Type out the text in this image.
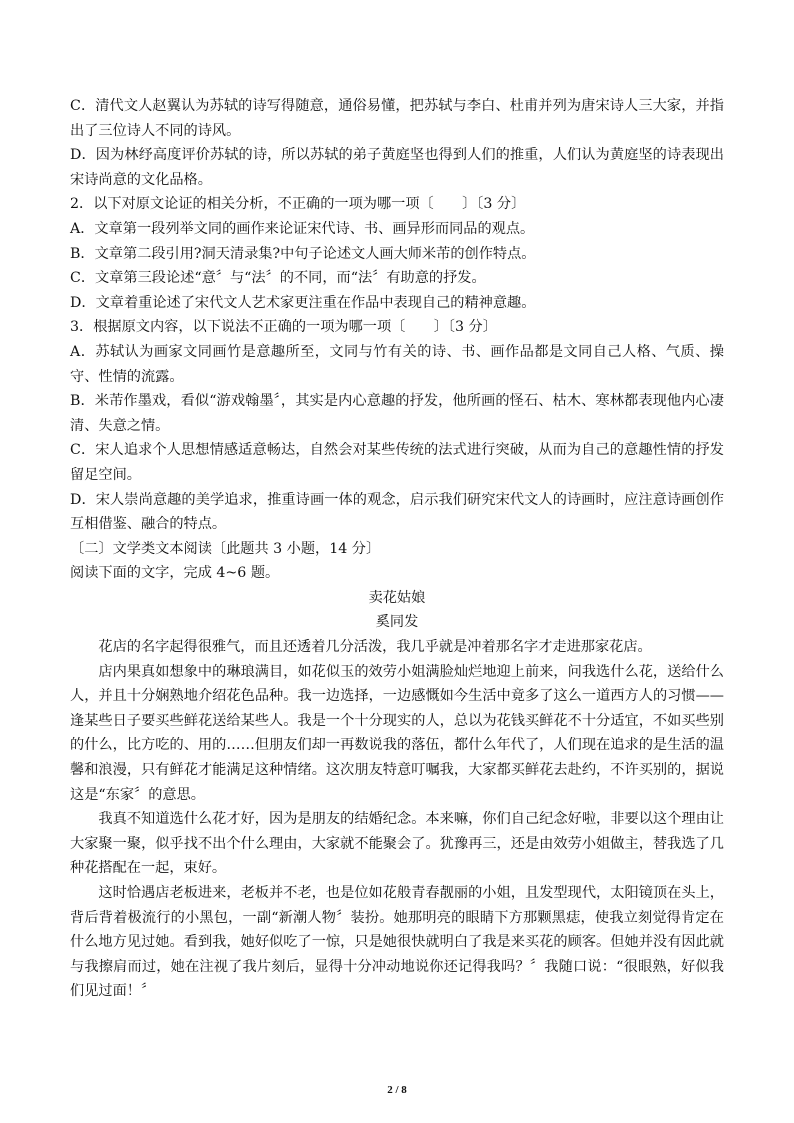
C．清代文人赵翼认为苏轼的诗写得随意，通俗易懂，把苏轼与李白、杜甫并列为唐宋诗人三大家，并指出了三位诗人不同的诗风。

D．因为林纾高度评价苏轼的诗，所以苏轼的弟子黄庭坚也得到人们的推重，人们认为黄庭坚的诗表现出宋诗尚意的文化品格。

2．以下对原文论证的相关分析，不正确的一项为哪一项〔　　〕〔3 分〕

A．文章第一段列举文同的画作来论证宋代诗、书、画异形而同品的观点。

B．文章第二段引用?洞天清录集?中句子论述文人画大师米芾的创作特点。

C．文章第三段论述“意〞与“法〞的不同，而“法〞有助意的抒发。

D．文章着重论述了宋代文人艺术家更注重在作品中表现自己的精神意趣。

3．根据原文内容，以下说法不正确的一项为哪一项〔　　〕〔3 分〕

A．苏轼认为画家文同画竹是意趣所至，文同与竹有关的诗、书、画作品都是文同自己人格、气质、操守、性情的流露。

B．米芾作墨戏，看似“游戏翰墨〞，其实是内心意趣的抒发，他所画的怪石、枯木、寒林都表现他内心凄清、失意之情。

C．宋人追求个人思想情感适意畅达，自然会对某些传统的法式进行突破，从而为自己的意趣性情的抒发留足空间。

D．宋人崇尚意趣的美学追求，推重诗画一体的观念，启示我们研究宋代文人的诗画时，应注意诗画创作互相借鉴、融合的特点。

〔二〕文学类文本阅读〔此题共 3 小题，14 分〕

阅读下面的文字，完成 4~6 题。

卖花姑娘

奚同发

花店的名字起得很雅气，而且还透着几分活泼，我几乎就是冲着那名字才走进那家花店。

店内果真如想象中的琳琅满目，如花似玉的效劳小姐满脸灿烂地迎上前来，问我选什么花，送给什么人，并且十分娴熟地介绍花色品种。我一边选择，一边感慨如今生活中竟多了这么一道西方人的习惯——逢某些日子要买些鲜花送给某些人。我是一个十分现实的人，总以为花钱买鲜花不十分适宜，不如买些别的什么，比方吃的、用的……但朋友们却一再数说我的落伍，都什么年代了，人们现在追求的是生活的温馨和浪漫，只有鲜花才能满足这种情绪。这次朋友特意叮嘱我，大家都买鲜花去赴约，不许买别的，据说这是“东家〞的意思。

我真不知道选什么花才好，因为是朋友的结婚纪念。本来嘛，你们自己纪念好啦，非要以这个理由让大家聚一聚，似乎找不出个什么理由，大家就不能聚会了。犹豫再三，还是由效劳小姐做主，替我选了几种花搭配在一起，束好。

这时恰遇店老板进来，老板并不老，也是位如花般青春靓丽的小姐，且发型现代，太阳镜顶在头上，背后背着极流行的小黑包，一副“新潮人物〞装扮。她那明亮的眼睛下方那颗黑痣，使我立刻觉得肯定在什么地方见过她。看到我，她好似吃了一惊，只是她很快就明白了我是来买花的顾客。但她并没有因此就与我擦肩而过，她在注视了我片刻后，显得十分冲动地说你还记得我吗？〞我随口说：“很眼熟，好似我们见过面！〞

2 / 8
